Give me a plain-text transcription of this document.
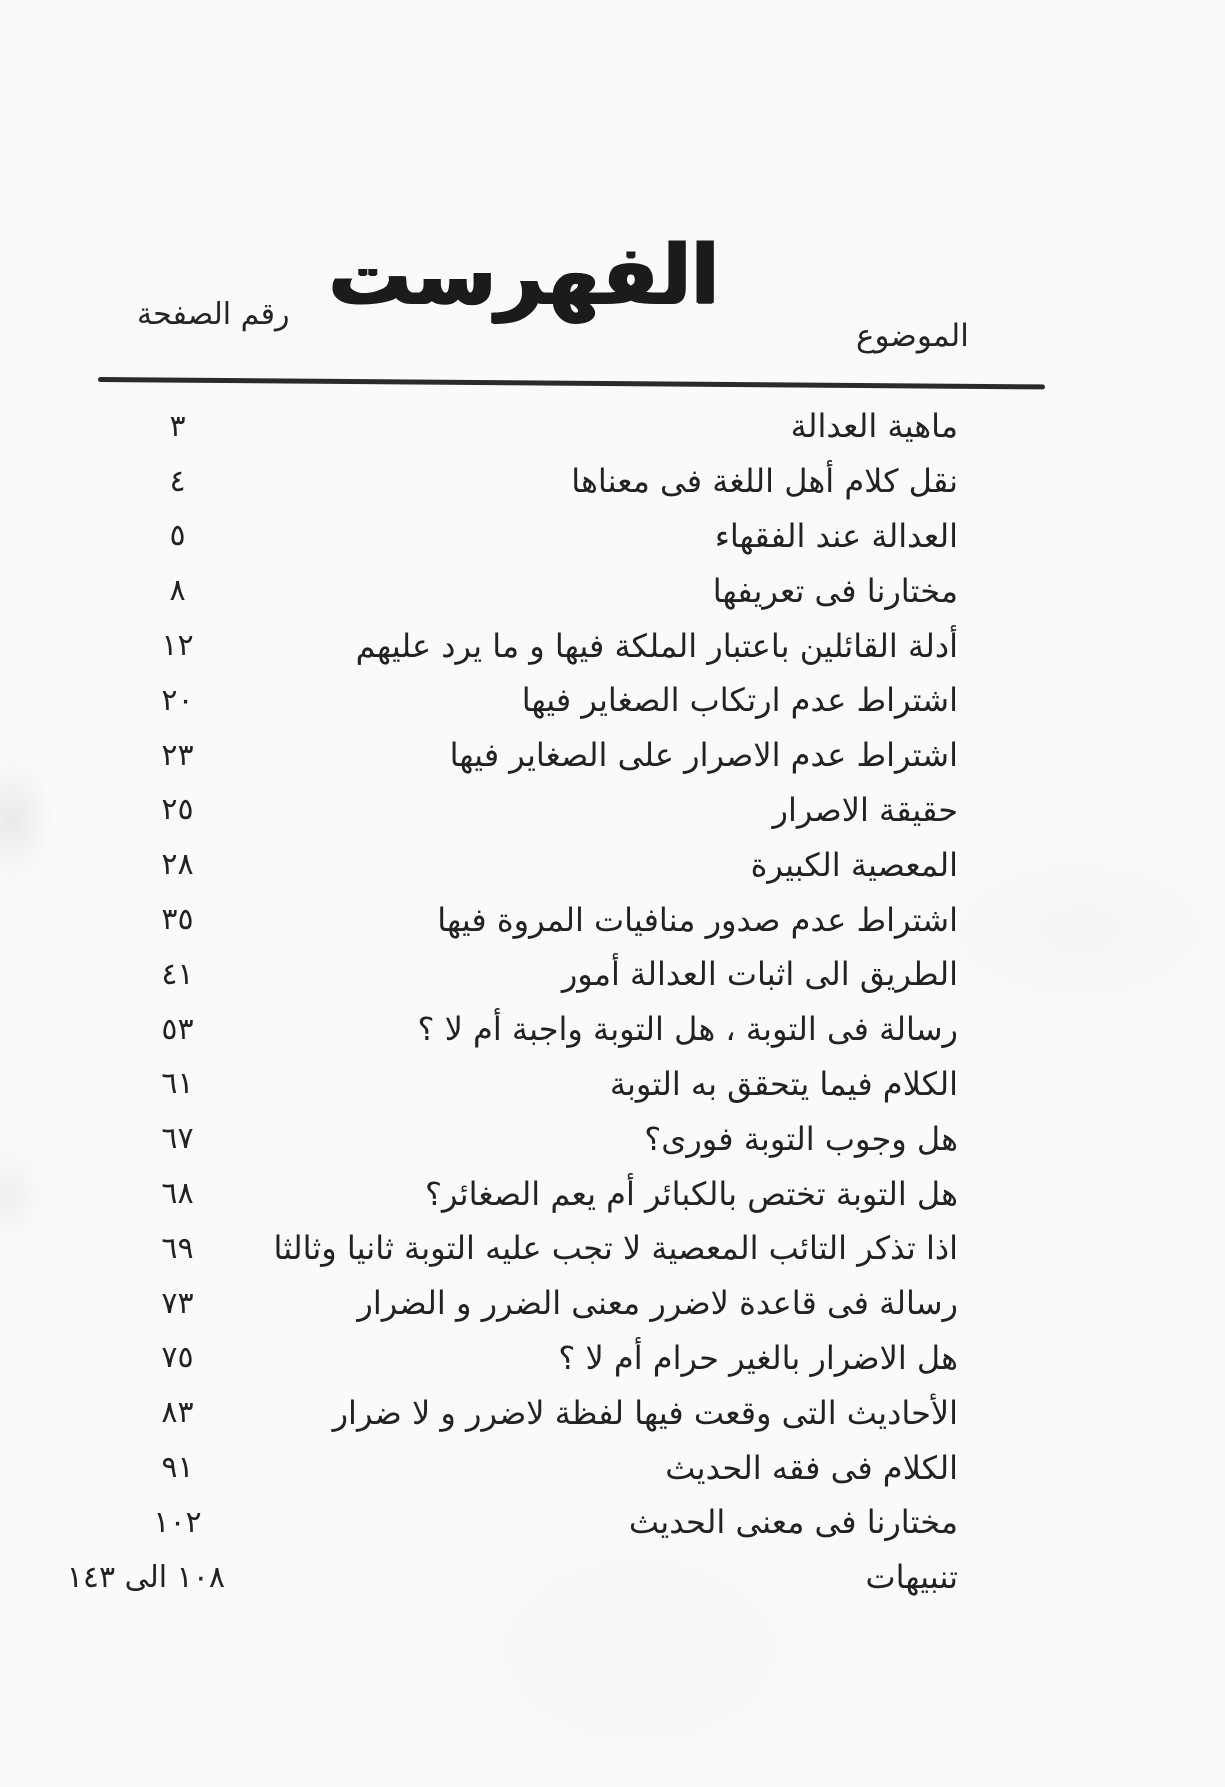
الفهرست
الموضوع
رقم الصفحة
ماهية العدالة
٣
نقل كلام أهل اللغة فى معناها
٤
العدالة عند الفقهاء
٥
مختارنا فى تعريفها
٨
أدلة القائلين باعتبار الملكة فيها و ما يرد عليهم
١٢
اشتراط عدم ارتكاب الصغاير فيها
٢٠
اشتراط عدم الاصرار على الصغاير فيها
٢٣
حقيقة الاصرار
٢٥
المعصية الكبيرة
٢٨
اشتراط عدم صدور منافيات المروة فيها
٣٥
الطريق الى اثبات العدالة أمور
٤١
رسالة فى التوبة ، هل التوبة واجبة أم لا ؟
٥٣
الكلام فيما يتحقق به التوبة
٦١
هل وجوب التوبة فورى؟
٦٧
هل التوبة تختص بالكبائر أم يعم الصغائر؟
٦٨
اذا تذكر التائب المعصية لا تجب عليه التوبة ثانيا وثالثا
٦٩
رسالة فى قاعدة لاضرر معنى الضرر و الضرار
٧٣
هل الاضرار بالغير حرام أم لا ؟
٧٥
الأحاديث التى وقعت فيها لفظة لاضرر و لا ضرار
٨٣
الكلام فى فقه الحديث
٩١
مختارنا فى معنى الحديث
١٠٢
تنبيهات
١٠٨ الى ١٤٣
